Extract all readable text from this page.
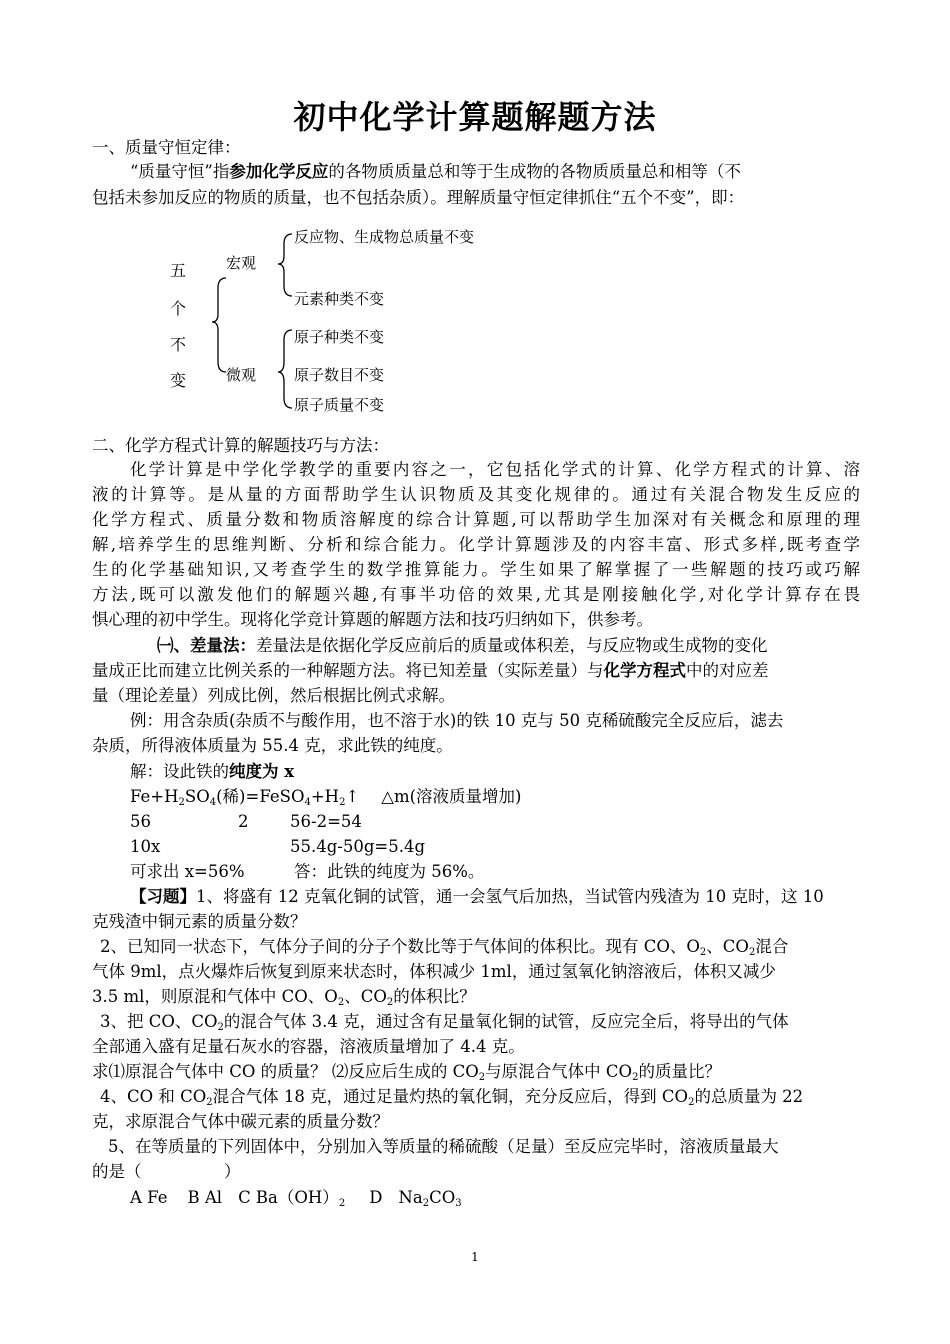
初中化学计算题解题方法
一、质量守恒定律：
“质量守恒”指参加化学反应的各物质质量总和等于生成物的各物质质量总和相等（不
包括未参加反应的物质的质量，也不包括杂质）。理解质量守恒定律抓住“五个不变”，即：
五
个
不
变
宏观
微观
反应物、生成物总质量不变
元素种类不变
原子种类不变
原子数目不变
原子质量不变
二、化学方程式计算的解题技巧与方法：
化学计算是中学化学教学的重要内容之一，它包括化学式的计算、化学方程式的计算、溶
液的计算等。是从量的方面帮助学生认识物质及其变化规律的。通过有关混合物发生反应的
化学方程式、质量分数和物质溶解度的综合计算题,可以帮助学生加深对有关概念和原理的理
解,培养学生的思维判断、分析和综合能力。化学计算题涉及的内容丰富、形式多样,既考查学
生的化学基础知识,又考查学生的数学推算能力。学生如果了解掌握了一些解题的技巧或巧解
方法,既可以激发他们的解题兴趣,有事半功倍的效果,尤其是刚接触化学,对化学计算存在畏
惧心理的初中学生。现将化学竞计算题的解题方法和技巧归纳如下，供参考。
㈠、差量法：差量法是依据化学反应前后的质量或体积差，与反应物或生成物的变化
量成正比而建立比例关系的一种解题方法。将已知差量（实际差量）与化学方程式中的对应差
量（理论差量）列成比例，然后根据比例式求解。
例：用含杂质(杂质不与酸作用，也不溶于水)的铁 10 克与 50 克稀硫酸完全反应后，滤去
杂质，所得液体质量为 55.4 克，求此铁的纯度。
解：设此铁的纯度为 x
$Fe+H_2SO_4$(稀)$=FeSO_4+H_2↑$ △m(溶液质量增加)
56	2	56-2=54
10x	55.4g-50g=5.4g
可求出 x=56%	答：此铁的纯度为 56%。
【习题】1、将盛有 12 克氧化铜的试管，通一会氢气后加热，当试管内残渣为 10 克时，这 10
克残渣中铜元素的质量分数？
2、已知同一状态下，气体分子间的分子个数比等于气体间的体积比。现有 CO、$O_2$、$CO_2$混合
气体 9ml，点火爆炸后恢复到原来状态时，体积减少 1ml，通过氢氧化钠溶液后，体积又减少
3.5 ml，则原混和气体中 CO、$O_2$、$CO_2$的体积比？
3、把 CO、$CO_2$的混合气体 3.4 克，通过含有足量氧化铜的试管，反应完全后，将导出的气体
全部通入盛有足量石灰水的容器，溶液质量增加了 4.4 克。
求⑴原混合气体中 CO 的质量？ ⑵反应后生成的 $CO_2$与原混合气体中 $CO_2$的质量比？
4、CO 和 $CO_2$混合气体 18 克，通过足量灼热的氧化铜，充分反应后，得到 $CO_2$的总质量为 22
克，求原混合气体中碳元素的质量分数？
5、在等质量的下列固体中，分别加入等质量的稀硫酸（足量）至反应完毕时，溶液质量最大
的是（　　　　　）
A Fe B Al C $Ba(OH)_2$ D $Na_2CO_3$
1
